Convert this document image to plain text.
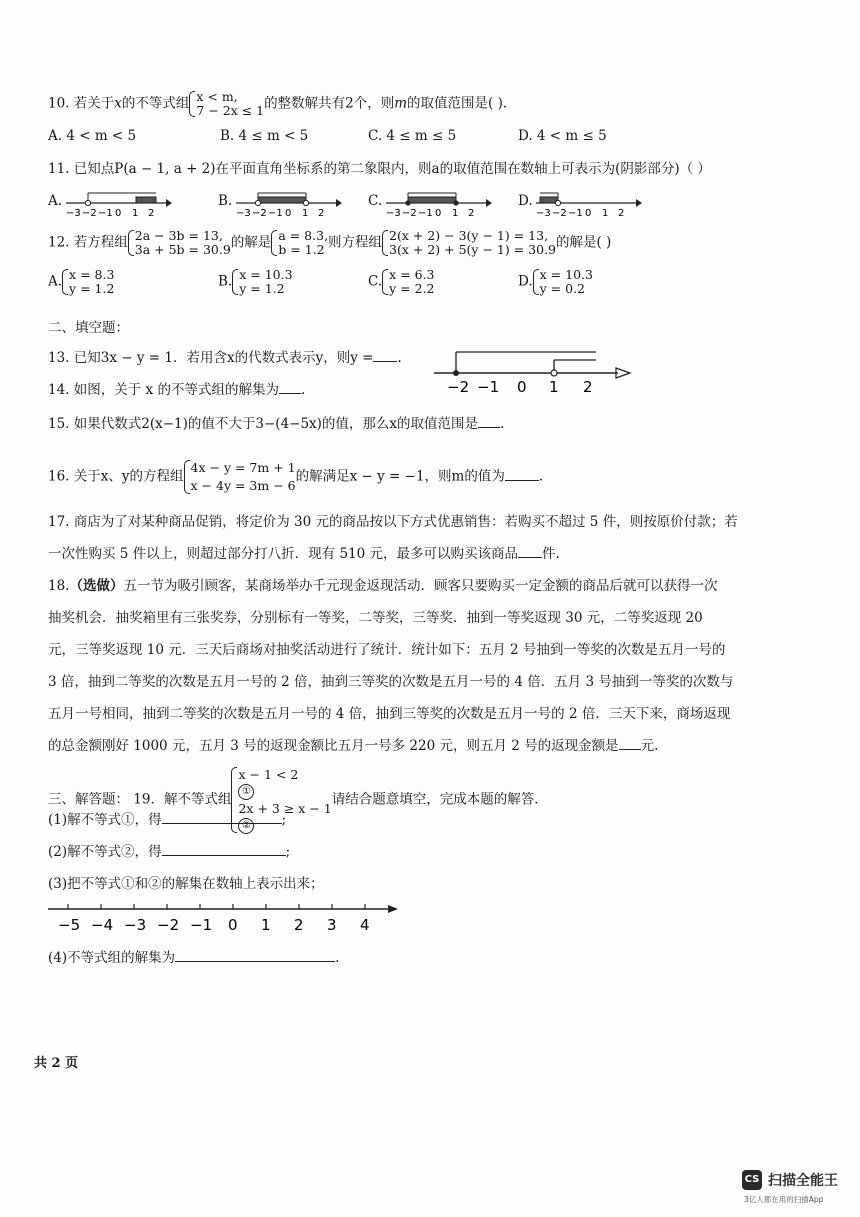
10. 若关于x的不等式组 x < m,
7 − 2x ≤ 1 的整数解共有2个，则m的取值范围是( ).
A. 4 < m < 5	B. 4 ≤ m < 5	C. 4 ≤ m ≤ 5	D. 4 < m ≤ 5
11. 已知点P(a − 1, a + 2)在平面直角坐标系的第二象限内，则a的取值范围在数轴上可表示为(阴影部分)（ ）
A.
−3 −2 −1 0 1 2
B.
−3 −2 −1 0 1 2
C.
−3 −2 −1 0 1 2
D.
−3 −2 −1 0 1 2
12. 若方程组 2a − 3b = 13,
3a + 5b = 30.9 的解是 a = 8.3,
b = 1.2 则方程组 2(x + 2) − 3(y − 1) = 13,
3(x + 2) + 5(y − 1) = 30.9 的解是( )
A. x = 8.3
y = 1.2	B. x = 10.3
y = 1.2	C. x = 6.3
y = 2.2	D. x = 10.3
y = 0.2
二、填空题：
13. 已知3x − y = 1．若用含x的代数式表示y，则y = .
14. 如图，关于 x 的不等式组的解集为 .	−2 −1 0 1 2
15. 如果代数式2(x−1)的值不大于3−(4−5x)的值，那么x的取值范围是 .
16. 关于x、y的方程组
4x − y = 7m + 1
x − 4y = 3m − 6
的解满足x − y = −1，则m的值为	.
17. 商店为了对某种商品促销，将定价为 30 元的商品按以下方式优惠销售：若购买不超过 5 件，则按原价付款；若
一次性购买 5 件以上，则超过部分打八折．现有 510 元，最多可以购买该商品 件.
18.（选做）五一节为吸引顾客，某商场举办千元现金返现活动．顾客只要购买一定金额的商品后就可以获得一次
抽奖机会．抽奖箱里有三张奖券，分别标有一等奖，二等奖，三等奖．抽到一等奖返现 30 元，二等奖返现 20
元，三等奖返现 10 元．三天后商场对抽奖活动进行了统计．统计如下：五月 2 号抽到一等奖的次数是五月一号的
3 倍，抽到二等奖的次数是五月一号的 2 倍，抽到三等奖的次数是五月一号的 4 倍．五月 3 号抽到一等奖的次数与
五月一号相同，抽到二等奖的次数是五月一号的 4 倍，抽到三等奖的次数是五月一号的 2 倍．三天下来，商场返现
的总金额刚好 1000 元，五月 3 号的返现金额比五月一号多 220 元，则五月 2 号的返现金额是 元.
三、解答题： 19．解不等式组
x − 1 < 2
①
2x + 3 ≥ x − 1
②
请结合题意填空，完成本题的解答．
(1)解不等式①，得	;
(2)解不等式②，得	;
(3)把不等式①和②的解集在数轴上表示出来；
−5 −4 −3 −2 −1 0 1 2 3 4
(4)不等式组的解集为	.
共 2 页
CS 扫描全能王
3亿人都在用的扫描App
